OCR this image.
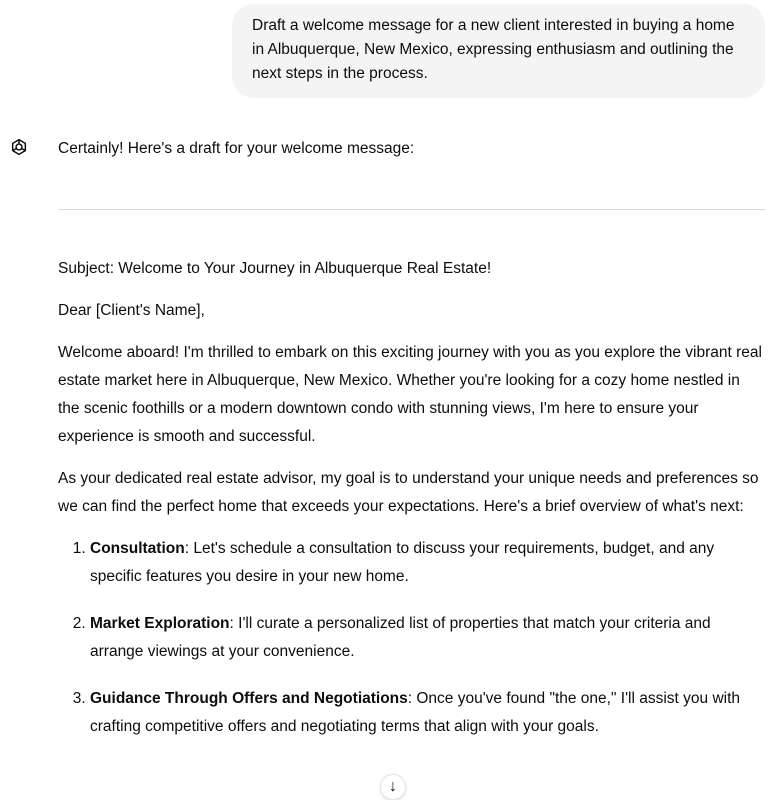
Draft a welcome message for a new client interested in buying a home in Albuquerque, New Mexico, expressing enthusiasm and outlining the next steps in the process.

Certainly! Here's a draft for your welcome message:

Subject: Welcome to Your Journey in Albuquerque Real Estate!

Dear [Client's Name],

Welcome aboard! I'm thrilled to embark on this exciting journey with you as you explore the vibrant real estate market here in Albuquerque, New Mexico. Whether you're looking for a cozy home nestled in the scenic foothills or a modern downtown condo with stunning views, I'm here to ensure your experience is smooth and successful.

As your dedicated real estate advisor, my goal is to understand your unique needs and preferences so we can find the perfect home that exceeds your expectations. Here's a brief overview of what's next:

1. Consultation: Let's schedule a consultation to discuss your requirements, budget, and any specific features you desire in your new home.
2. Market Exploration: I'll curate a personalized list of properties that match your criteria and arrange viewings at your convenience.
3. Guidance Through Offers and Negotiations: Once you've found "the one," I'll assist you with crafting competitive offers and negotiating terms that align with your goals.
↓
